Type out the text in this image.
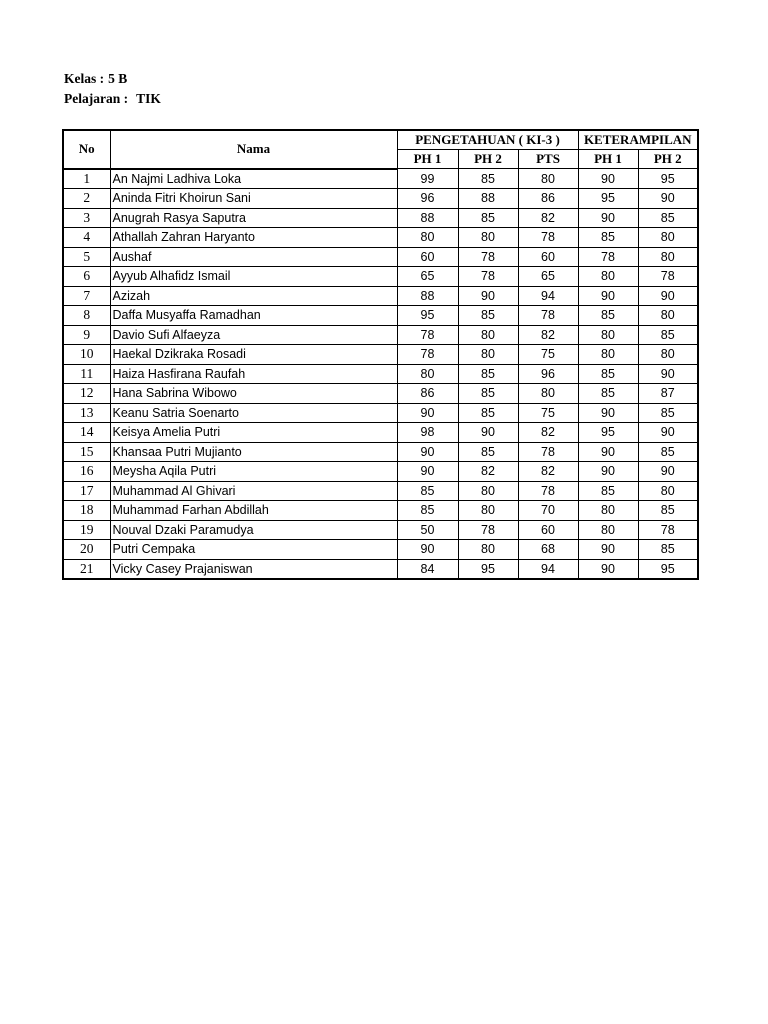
Kelas : 5 B
Pelajaran : TIK
No	Nama	PENGETAHUAN ( KI-3 )			KETERAMPILAN	
		PH 1	PH 2	PTS	PH 1	PH 2
1	An Najmi Ladhiva Loka	99	85	80	90	95
2	Aninda Fitri Khoirun Sani	96	88	86	95	90
3	Anugrah Rasya Saputra	88	85	82	90	85
4	Athallah Zahran Haryanto	80	80	78	85	80
5	Aushaf	60	78	60	78	80
6	Ayyub Alhafidz Ismail	65	78	65	80	78
7	Azizah	88	90	94	90	90
8	Daffa Musyaffa Ramadhan	95	85	78	85	80
9	Davio Sufi Alfaeyza	78	80	82	80	85
10	Haekal Dzikraka Rosadi	78	80	75	80	80
11	Haiza Hasfirana Raufah	80	85	96	85	90
12	Hana Sabrina Wibowo	86	85	80	85	87
13	Keanu Satria Soenarto	90	85	75	90	85
14	Keisya Amelia Putri	98	90	82	95	90
15	Khansaa Putri Mujianto	90	85	78	90	85
16	Meysha Aqila Putri	90	82	82	90	90
17	Muhammad Al Ghivari	85	80	78	85	80
18	Muhammad Farhan Abdillah	85	80	70	80	85
19	Nouval Dzaki Paramudya	50	78	60	80	78
20	Putri Cempaka	90	80	68	90	85
21	Vicky Casey Prajaniswan	84	95	94	90	95
